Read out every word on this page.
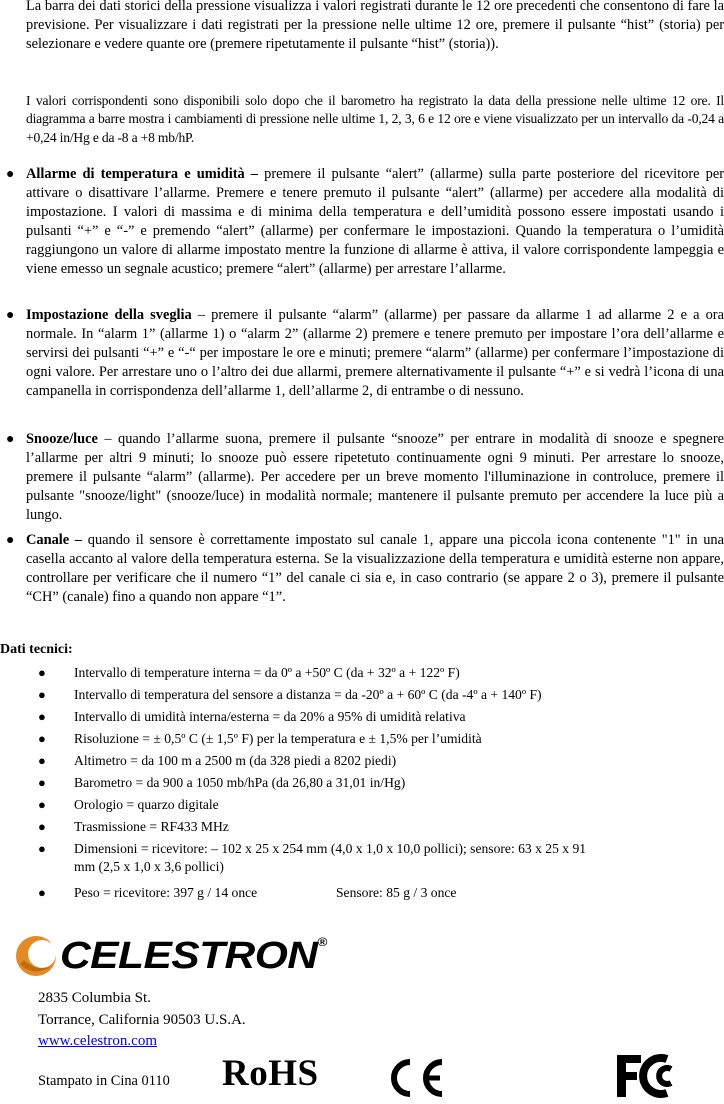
La barra dei dati storici della pressione visualizza i valori registrati durante le 12 ore precedenti che consentono di fare la previsione. Per visualizzare i dati registrati per la pressione nelle ultime 12 ore, premere il pulsante “hist” (storia) per selezionare e vedere quante ore (premere ripetutamente il pulsante “hist” (storia)).

I valori corrispondenti sono disponibili solo dopo che il barometro ha registrato la data della pressione nelle ultime 12 ore. Il diagramma a barre mostra i cambiamenti di pressione nelle ultime 1, 2, 3, 6 e 12 ore e viene visualizzato per un intervallo da -0,24 a +0,24 in/Hg e da -8 a +8 mb/hP.

● Allarme di temperatura e umidità – premere il pulsante “alert” (allarme) sulla parte posteriore del ricevitore per attivare o disattivare l’allarme. Premere e tenere premuto il pulsante “alert” (allarme) per accedere alla modalità di impostazione. I valori di massima e di minima della temperatura e dell’umidità possono essere impostati usando i pulsanti “+” e “-” e premendo “alert” (allarme) per confermare le impostazioni. Quando la temperatura o l’umidità raggiungono un valore di allarme impostato mentre la funzione di allarme è attiva, il valore corrispondente lampeggia e viene emesso un segnale acustico; premere “alert” (allarme) per arrestare l’allarme.

● Impostazione della sveglia – premere il pulsante “alarm” (allarme) per passare da allarme 1 ad allarme 2 e a ora normale. In “alarm 1” (allarme 1) o “alarm 2” (allarme 2) premere e tenere premuto per impostare l’ora dell’allarme e servirsi dei pulsanti “+” e “-“ per impostare le ore e minuti; premere “alarm” (allarme) per confermare l’impostazione di ogni valore. Per arrestare uno o l’altro dei due allarmi, premere alternativamente il pulsante “+” e si vedrà l’icona di una campanella in corrispondenza dell’allarme 1, dell’allarme 2, di entrambe o di nessuno.

● Snooze/luce – quando l’allarme suona, premere il pulsante “snooze” per entrare in modalità di snooze e spegnere l’allarme per altri 9 minuti; lo snooze può essere ripetetuto continuamente ogni 9 minuti. Per arrestare lo snooze, premere il pulsante “alarm” (allarme). Per accedere per un breve momento l'illuminazione in controluce, premere il pulsante "snooze/light" (snooze/luce) in modalità normale; mantenere il pulsante premuto per accendere la luce più a lungo.

● Canale – quando il sensore è correttamente impostato sul canale 1, appare una piccola icona contenente "1" in una casella accanto al valore della temperatura esterna. Se la visualizzazione della temperatura e umidità esterne non appare, controllare per verificare che il numero “1” del canale ci sia e, in caso contrario (se appare 2 o 3), premere il pulsante “CH” (canale) fino a quando non appare “1”.

Dati tecnici:
● Intervallo di temperature interna = da 0º a +50º C (da + 32º a + 122º F)
● Intervallo di temperatura del sensore a distanza = da -20º a + 60º C (da -4º a + 140º F)
● Intervallo di umidità interna/esterna = da 20% a 95% di umidità relativa
● Risoluzione = ± 0,5º C (± 1,5º F) per la temperatura e ± 1,5% per l’umidità
● Altimetro = da 100 m a 2500 m (da 328 piedi a 8202 piedi)
● Barometro = da 900 a 1050 mb/hPa (da 26,80 a 31,01 in/Hg)
● Orologio = quarzo digitale
● Trasmissione = RF433 MHz
● Dimensioni = ricevitore: – 102 x 25 x 254 mm (4,0 x 1,0 x 10,0 pollici); sensore: 63 x 25 x 91
mm (2,5 x 1,0 x 3,6 pollici)
● Peso = ricevitore: 397 g / 14 once	Sensore: 85 g / 3 once
CELESTRON®
2835 Columbia St.
Torrance, California 90503 U.S.A.
www.celestron.com
Stampato in Cina 0110 RoHS	CE
FC
